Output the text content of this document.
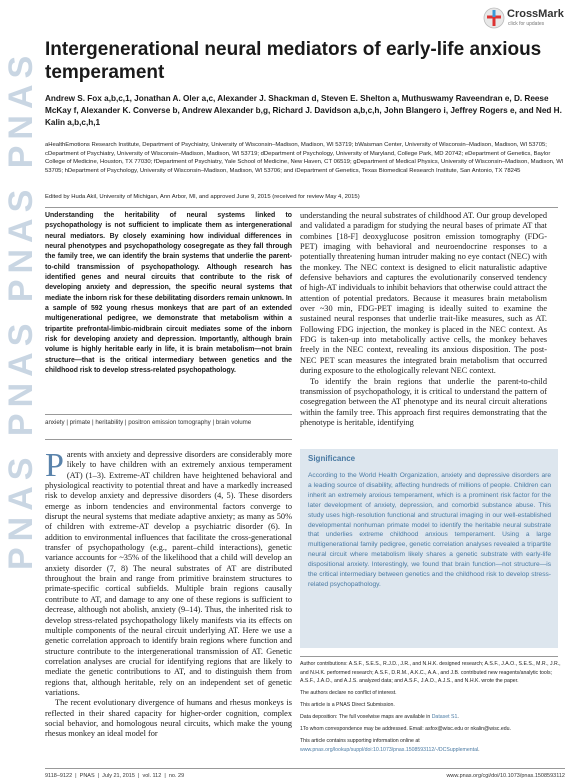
PNAS PNAS PNAS PNAS
CrossMark
click for updates
Intergenerational neural mediators of early-life anxious temperament
Andrew S. Fox a,b,c,1, Jonathan A. Oler a,c, Alexander J. Shackman d, Steven E. Shelton a, Muthuswamy Raveendran e, D. Reese McKay f, Alexander K. Converse b, Andrew Alexander b,g, Richard J. Davidson a,b,c,h, John Blangero i, Jeffrey Rogers e, and Ned H. Kalin a,b,c,h,1
aHealthEmotions Research Institute, Department of Psychiatry, University of Wisconsin–Madison, Madison, WI 53719; bWaisman Center, University of Wisconsin–Madison, Madison, WI 53705; cDepartment of Psychiatry, University of Wisconsin–Madison, Madison, WI 53719; dDepartment of Psychology, University of Maryland, College Park, MD 20742; eDepartment of Genetics, Baylor College of Medicine, Houston, TX 77030; fDepartment of Psychiatry, Yale School of Medicine, New Haven, CT 06519; gDepartment of Medical Physics, University of Wisconsin–Madison, Madison, WI 53705; hDepartment of Psychology, University of Wisconsin–Madison, Madison, WI 53706; and iDepartment of Genetics, Texas Biomedical Research Institute, San Antonio, TX 78245
Edited by Huda Akil, University of Michigan, Ann Arbor, MI, and approved June 9, 2015 (received for review May 4, 2015)
Understanding the heritability of neural systems linked to psychopathology is not sufficient to implicate them as intergenerational neural mediators. By closely examining how individual differences in neural phenotypes and psychopathology cosegregate as they fall through the family tree, we can identify the brain systems that underlie the parent-to-child transmission of psychopathology. Although research has identified genes and neural circuits that contribute to the risk of developing anxiety and depression, the specific neural systems that mediate the inborn risk for these debilitating disorders remain unknown. In a sample of 592 young rhesus monkeys that are part of an extended multigenerational pedigree, we demonstrate that metabolism within a tripartite prefrontal-limbic-midbrain circuit mediates some of the inborn risk for developing anxiety and depression. Importantly, although brain volume is highly heritable early in life, it is brain metabolism—not brain structure—that is the critical intermediary between genetics and the childhood risk to develop stress-related psychopathology.
anxiety | primate | heritability | positron emission tomography | brain volume

Parents with anxiety and depressive disorders are considerably more likely to have children with an extremely anxious temperament (AT) (1–3). Extreme-AT children have heightened behavioral and physiological reactivity to potential threat and have a markedly increased risk to develop anxiety and depressive disorders (4, 5). These disorders emerge as inborn tendencies and environmental factors converge to disrupt the neural systems that mediate adaptive anxiety; as many as 50% of children with extreme-AT develop a psychiatric disorder (6). In addition to environmental influences that facilitate the cross-generational transfer of psychopathology (e.g., parent–child interactions), genetic variance accounts for ~35% of the likelihood that a child will develop an anxiety disorder (7, 8) The neural substrates of AT are distributed throughout the brain and range from primitive brainstem structures to primate-specific cortical subfields. Multiple brain regions causally contribute to AT, and damage to any one of these regions is sufficient to decrease, although not abolish, anxiety (9–14). Thus, the inherited risk to develop stress-related psychopathology likely manifests via its effects on multiple components of the neural circuit underlying AT. Here we use a genetic correlation approach to identify brain regions where function and structure contribute to the intergenerational transmission of AT. Genetic correlation analyses are crucial for identifying regions that are likely to mediate the genetic contributions to AT, and to distinguish them from regions that, although heritable, rely on an independent set of genetic variations.

The recent evolutionary divergence of humans and rhesus monkeys is reflected in their shared capacity for higher-order cognition, complex social behavior, and homologous neural circuits, which make the young rhesus monkey an ideal model for

understanding the neural substrates of childhood AT. Our group developed and validated a paradigm for studying the neural bases of primate AT that combines [18-F] deoxyglucose positron emission tomography (FDG-PET) imaging with behavioral and neuroendocrine responses to a potentially threatening human intruder making no eye contact (NEC) with the monkey. The NEC context is designed to elicit naturalistic adaptive defensive behaviors and captures the evolutionarily conserved tendency of high-AT individuals to inhibit behaviors that otherwise could attract the attention of potential predators. Because it measures brain metabolism over ~30 min, FDG-PET imaging is ideally suited to examine the sustained neural responses that underlie trait-like measures, such as AT. Following FDG injection, the monkey is placed in the NEC context. As FDG is taken-up into metabolically active cells, the monkey behaves freely in the NEC context, revealing its anxious disposition. The post-NEC PET scan measures the integrated brain metabolism that occurred during exposure to the ethologically relevant NEC context.

To identify the brain regions that underlie the parent-to-child transmission of psychopathology, it is critical to understand the pattern of cosegregation between the AT phenotype and its neural circuit alterations within the family tree. This approach first requires demonstrating that the phenotype is heritable, identifying

Significance
According to the World Health Organization, anxiety and depressive disorders are a leading source of disability, affecting hundreds of millions of people. Children can inherit an extremely anxious temperament, which is a prominent risk factor for the later development of anxiety, depression, and comorbid substance abuse. This study uses high-resolution functional and structural imaging in our well-established developmental nonhuman primate model to identify the heritable neural substrate that underlies extreme childhood anxious temperament. Using a large multigenerational family pedigree, genetic correlation analyses revealed a tripartite neural circuit where metabolism likely shares a genetic substrate with early-life dispositional anxiety. Interestingly, we found that brain function—not structure—is the critical intermediary between genetics and the childhood risk to develop stress-related psychopathology.

Author contributions: A.S.F., S.E.S., R.J.D., J.R., and N.H.K. designed research; A.S.F., J.A.O., S.E.S., M.R., J.R., and N.H.K. performed research; A.S.F., D.R.M., A.K.C., A.A., and J.B. contributed new reagents/analytic tools; A.S.F., J.A.O., and A.J.S. analyzed data; and A.S.F., J.A.O., A.J.S., and N.H.K. wrote the paper.

The authors declare no conflict of interest.

This article is a PNAS Direct Submission.

Data deposition: The full voxelwise maps are available in Dataset S1.

1To whom correspondence may be addressed. Email: asfox@wisc.edu or nkalin@wisc.edu.

This article contains supporting information online at www.pnas.org/lookup/suppl/doi:10.1073/pnas.1508593112/-/DCSupplemental.

9118–9122  |  PNAS  |  July 21, 2015  |  vol. 112  |  no. 29	www.pnas.org/cgi/doi/10.1073/pnas.1508593112
